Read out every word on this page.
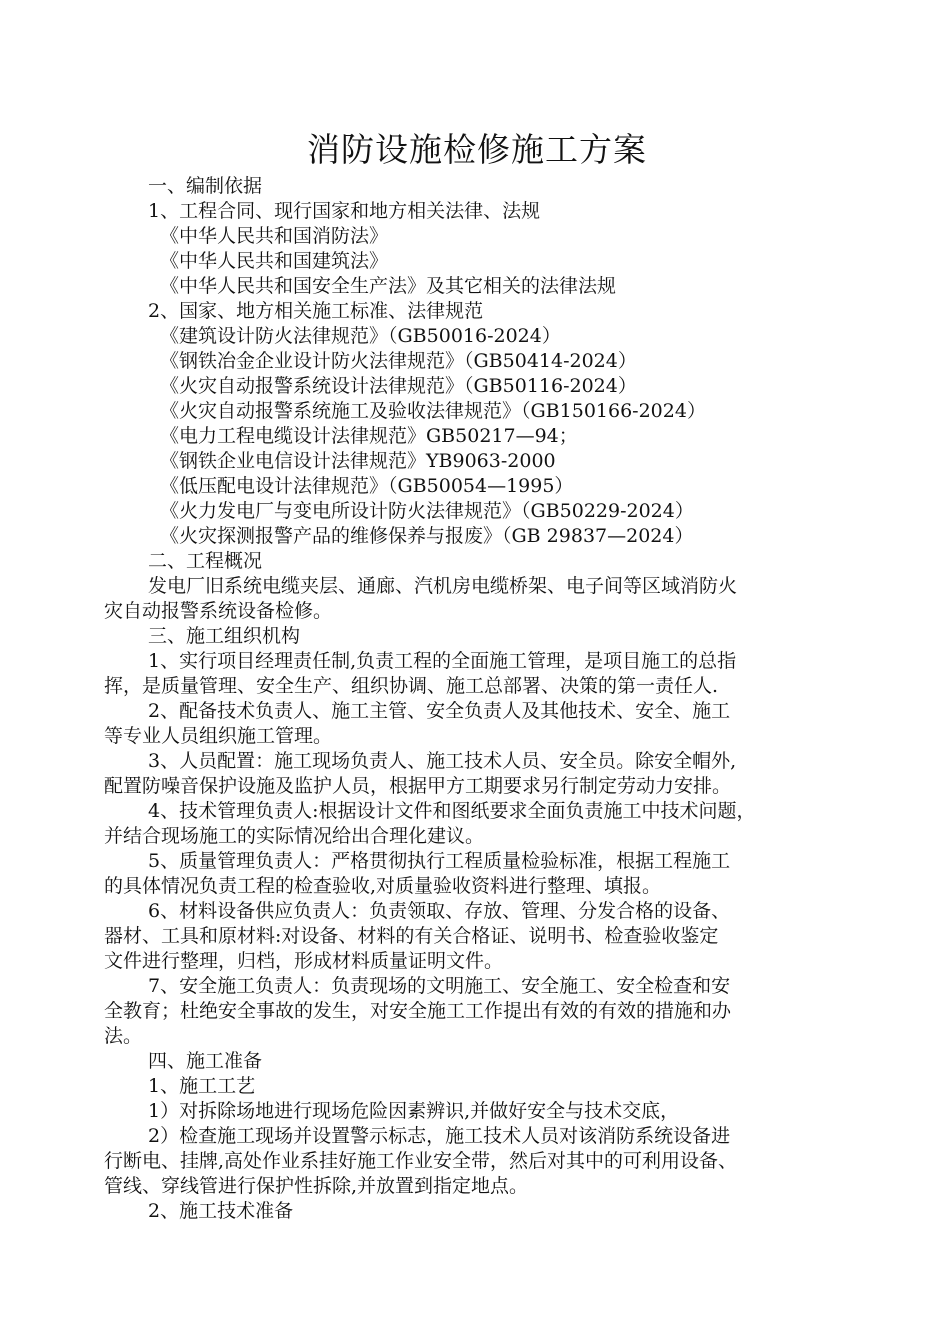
消防设施检修施工方案
一、编制依据
1、工程合同、现行国家和地方相关法律、法规
《中华人民共和国消防法》
《中华人民共和国建筑法》
《中华人民共和国安全生产法》及其它相关的法律法规
2、国家、地方相关施工标准、法律规范
《建筑设计防火法律规范》（GB50016-2024）
《钢铁冶金企业设计防火法律规范》（GB50414-2024）
《火灾自动报警系统设计法律规范》（GB50116-2024）
《火灾自动报警系统施工及验收法律规范》（GB150166-2024）
《电力工程电缆设计法律规范》GB50217—94；
《钢铁企业电信设计法律规范》YB9063-2000
《低压配电设计法律规范》（GB50054—1995）
《火力发电厂与变电所设计防火法律规范》（GB50229-2024）
《火灾探测报警产品的维修保养与报废》（GB 29837—2024）
二、工程概况
发电厂旧系统电缆夹层、通廊、汽机房电缆桥架、电子间等区域消防火
灾自动报警系统设备检修。
三、施工组织机构
1、实行项目经理责任制,负责工程的全面施工管理，是项目施工的总指
挥，是质量管理、安全生产、组织协调、施工总部署、决策的第一责任人.
2、配备技术负责人、施工主管、安全负责人及其他技术、安全、施工
等专业人员组织施工管理。
3、人员配置：施工现场负责人、施工技术人员、安全员。除安全帽外,
配置防噪音保护设施及监护人员，根据甲方工期要求另行制定劳动力安排。
4、技术管理负责人:根据设计文件和图纸要求全面负责施工中技术问题，
并结合现场施工的实际情况给出合理化建议。
5、质量管理负责人：严格贯彻执行工程质量检验标准，根据工程施工
的具体情况负责工程的检查验收,对质量验收资料进行整理、填报。
6、材料设备供应负责人：负责领取、存放、管理、分发合格的设备、
器材、工具和原材料:对设备、材料的有关合格证、说明书、检查验收鉴定
文件进行整理，归档，形成材料质量证明文件。
7、安全施工负责人：负责现场的文明施工、安全施工、安全检查和安
全教育；杜绝安全事故的发生，对安全施工工作提出有效的有效的措施和办
法。
四、施工准备
1、施工工艺
1）对拆除场地进行现场危险因素辨识,并做好安全与技术交底，
2）检查施工现场并设置警示标志，施工技术人员对该消防系统设备进
行断电、挂牌,高处作业系挂好施工作业安全带，然后对其中的可利用设备、
管线、穿线管进行保护性拆除,并放置到指定地点。
2、施工技术准备
